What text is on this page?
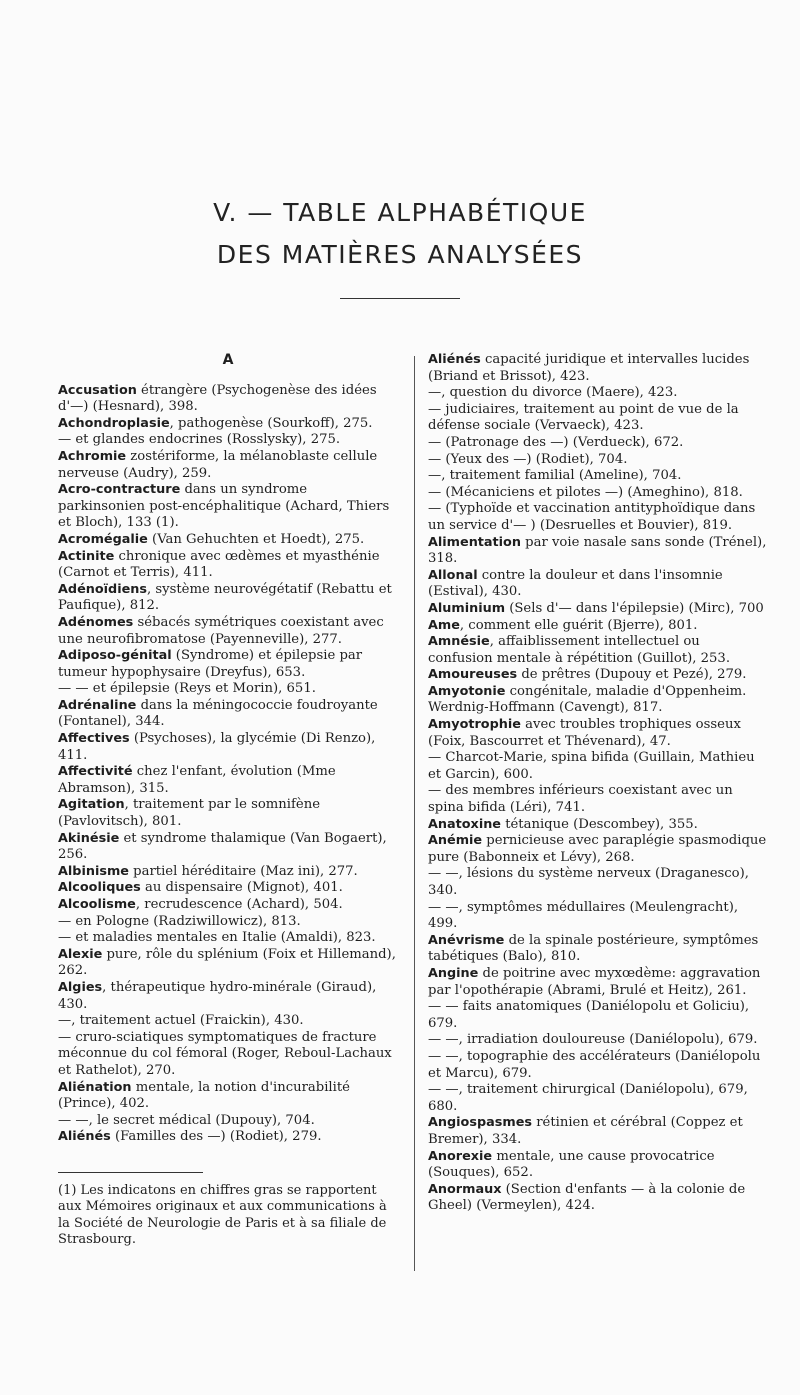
V. — TABLE ALPHABÉTIQUE
DES MATIÈRES ANALYSÉES
A

Accusation étrangère (Psychogenèse des idées d'—) (Hesnard), 398.

Achondroplasie, pathogenèse (Sourkoff), 275.

— et glandes endocrines (Rosslysky), 275.

Achromie zostériforme, la mélanoblaste cellule nerveuse (Audry), 259.

Acro-contracture dans un syndrome parkinsonien post-encéphalitique (Achard, Thiers et Bloch), 133 (1).

Acromégalie (Van Gehuchten et Hoedt), 275.

Actinite chronique avec œdèmes et myasthénie (Carnot et Terris), 411.

Adénoïdiens, système neurovégétatif (Rebattu et Paufique), 812.

Adénomes sébacés symétriques coexistant avec une neurofibromatose (Payenneville), 277.

Adiposo-génital (Syndrome) et épilepsie par tumeur hypophysaire (Dreyfus), 653.

— — et épilepsie (Reys et Morin), 651.

Adrénaline dans la méningococcie foudroyante (Fontanel), 344.

Affectives (Psychoses), la glycémie (Di Renzo), 411.

Affectivité chez l'enfant, évolution (Mme Abramson), 315.

Agitation, traitement par le somnifène (Pavlovitsch), 801.

Akinésie et syndrome thalamique (Van Bogaert), 256.

Albinisme partiel héréditaire (Maz ini), 277.

Alcooliques au dispensaire (Mignot), 401.

Alcoolisme, recrudescence (Achard), 504.

— en Pologne (Radziwillowicz), 813.

— et maladies mentales en Italie (Amaldi), 823.

Alexie pure, rôle du splénium (Foix et Hillemand), 262.

Algies, thérapeutique hydro-minérale (Giraud), 430.

—, traitement actuel (Fraickin), 430.

— cruro-sciatiques symptomatiques de fracture méconnue du col fémoral (Roger, Reboul-Lachaux et Rathelot), 270.

Aliénation mentale, la notion d'incurabilité (Prince), 402.

— —, le secret médical (Dupouy), 704.

Aliénés (Familles des —) (Rodiet), 279.

(1) Les indicatons en chiffres gras se rapportent aux Mémoires originaux et aux communications à la Société de Neurologie de Paris et à sa filiale de Strasbourg.

Aliénés capacité juridique et intervalles lucides (Briand et Brissot), 423.

—, question du divorce (Maere), 423.

— judiciaires, traitement au point de vue de la défense sociale (Vervaeck), 423.

— (Patronage des —) (Verdueck), 672.

— (Yeux des —) (Rodiet), 704.

—, traitement familial (Ameline), 704.

— (Mécaniciens et pilotes —) (Ameghino), 818.

— (Typhoïde et vaccination antityphoïdique dans un service d'— ) (Desruelles et Bouvier), 819.

Alimentation par voie nasale sans sonde (Trénel), 318.

Allonal contre la douleur et dans l'insomnie (Estival), 430.

Aluminium (Sels d'— dans l'épilepsie) (Mirc), 700

Ame, comment elle guérit (Bjerre), 801.

Amnésie, affaiblissement intellectuel ou confusion mentale à répétition (Guillot), 253.

Amoureuses de prêtres (Dupouy et Pezé), 279.

Amyotonie congénitale, maladie d'Oppenheim. Werdnig-Hoffmann (Cavengt), 817.

Amyotrophie avec troubles trophiques osseux (Foix, Bascourret et Thévenard), 47.

— Charcot-Marie, spina bifida (Guillain, Mathieu et Garcin), 600.

— des membres inférieurs coexistant avec un spina bifida (Léri), 741.

Anatoxine tétanique (Descombey), 355.

Anémie pernicieuse avec paraplégie spasmodique pure (Babonneix et Lévy), 268.

— —, lésions du système nerveux (Draganesco), 340.

— —, symptômes médullaires (Meulengracht), 499.

Anévrisme de la spinale postérieure, symptômes tabétiques (Balo), 810.

Angine de poitrine avec myxœdème: aggravation par l'opothérapie (Abrami, Brulé et Heitz), 261.

— — faits anatomiques (Daniélopolu et Goliciu), 679.

— —, irradiation douloureuse (Daniélopolu), 679.

— —, topographie des accélérateurs (Daniélopolu et Marcu), 679.

— —, traitement chirurgical (Daniélopolu), 679, 680.

Angiospasmes rétinien et cérébral (Coppez et Bremer), 334.

Anorexie mentale, une cause provocatrice (Souques), 652.

Anormaux (Section d'enfants — à la colonie de Gheel) (Vermeylen), 424.
